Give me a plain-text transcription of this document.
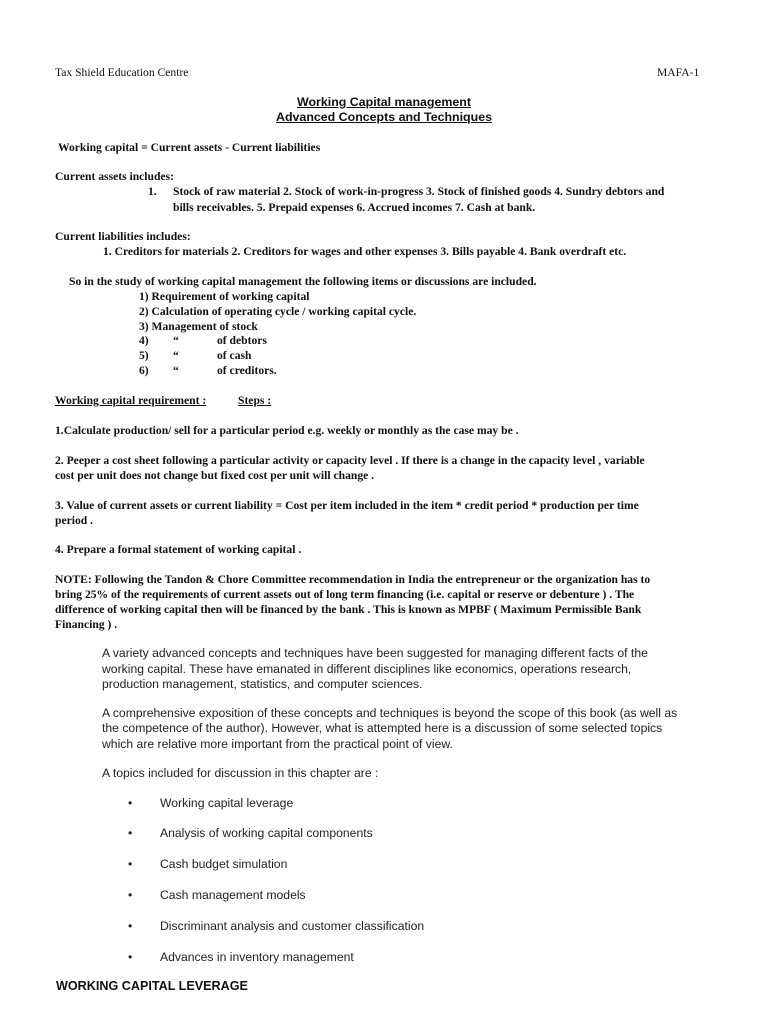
Tax Shield Education Centre	MAFA-1
Working Capital management
Advanced Concepts and Techniques
Working capital = Current assets - Current liabilities
Current assets includes:
1. Stock of raw material 2. Stock of work-in-progress 3. Stock of finished goods 4. Sundry debtors and
bills receivables. 5. Prepaid expenses 6. Accrued incomes 7. Cash at bank.
Current liabilities includes:
1. Creditors for materials 2. Creditors for wages and other expenses 3. Bills payable 4. Bank overdraft etc.
So in the study of working capital management the following items or discussions are included.
1) Requirement of working capital
2) Calculation of operating cycle / working capital cycle.
3) Management of stock
4) “	of debtors
5) “	of cash
6) “	of creditors.
Working capital requirement :	Steps :
1.Calculate production/ sell for a particular period e.g. weekly or monthly as the case may be .
2. Peeper a cost sheet following a particular activity or capacity level . If there is a change in the capacity level , variable
cost per unit does not change but fixed cost per unit will change .
3. Value of current assets or current liability = Cost per item included in the item * credit period * production per time
period .
4. Prepare a formal statement of working capital .
NOTE: Following the Tandon & Chore Committee recommendation in India the entrepreneur or the organization has to
bring 25% of the requirements of current assets out of long term financing (i.e. capital or reserve or debenture ) . The
difference of working capital then will be financed by the bank . This is known as MPBF ( Maximum Permissible Bank
Financing ) .
A variety advanced concepts and techniques have been suggested for managing different facts of the
working capital. These have emanated in different disciplines like economics, operations research,
production management, statistics, and computer sciences.
A comprehensive exposition of these concepts and techniques is beyond the scope of this book (as well as
the competence of the author). However, what is attempted here is a discussion of some selected topics
which are relative more important from the practical point of view.
A topics included for discussion in this chapter are :
• Working capital leverage
• Analysis of working capital components
• Cash budget simulation
• Cash management models
• Discriminant analysis and customer classification
• Advances in inventory management
WORKING CAPITAL LEVERAGE
